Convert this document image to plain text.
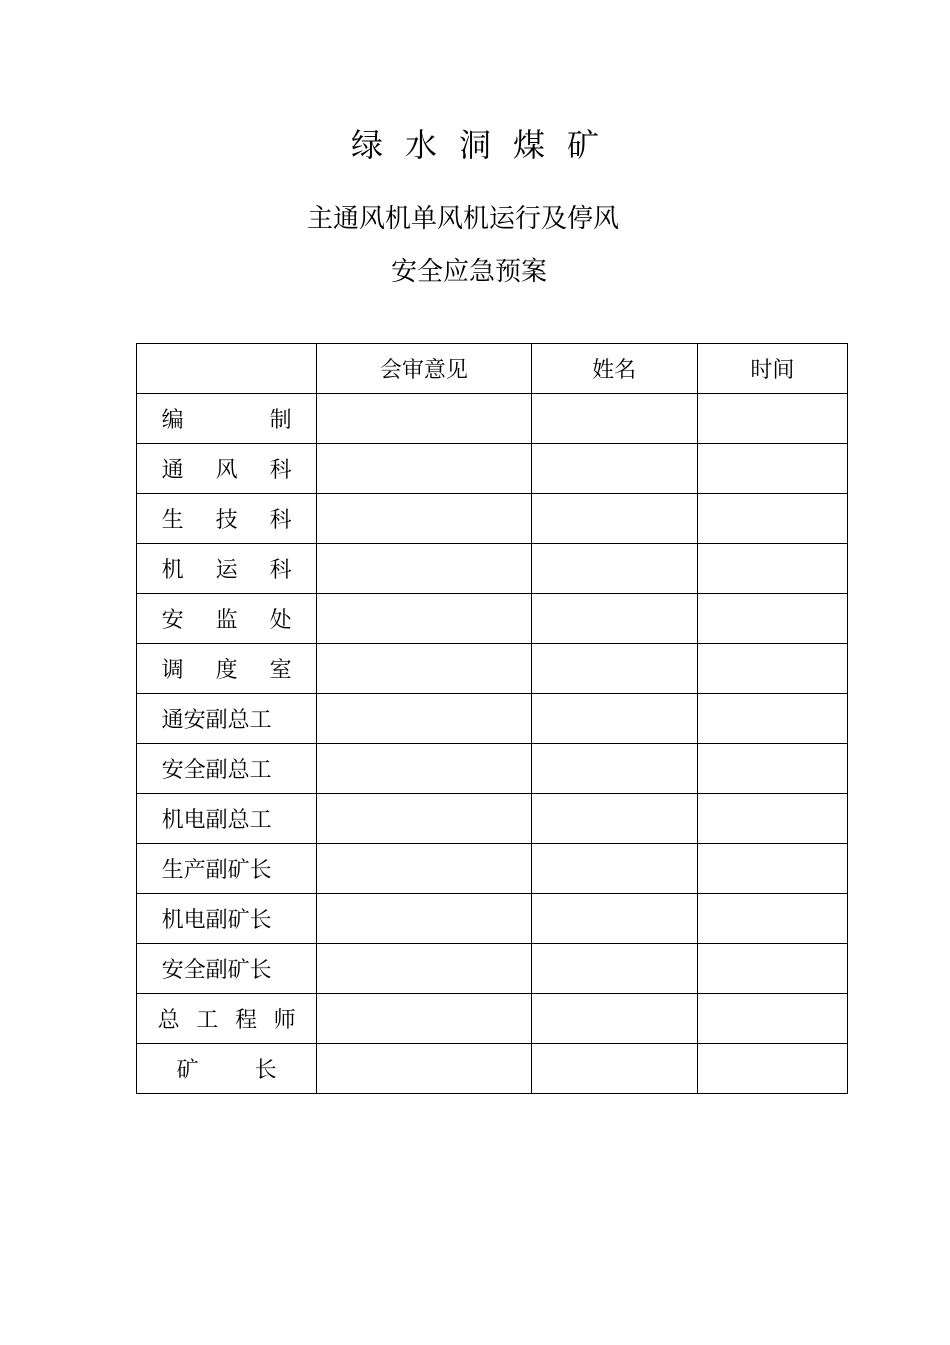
绿水洞煤矿
主通风机单风机运行及停风
安全应急预案
	会审意见	姓名	时间

编制			

通风科			

生技科			

机运科			

安监处			

调度室			

通安副总工			

安全副总工			

机电副总工			

生产副矿长			

机电副矿长			

安全副矿长			

总工程师			

矿长			
